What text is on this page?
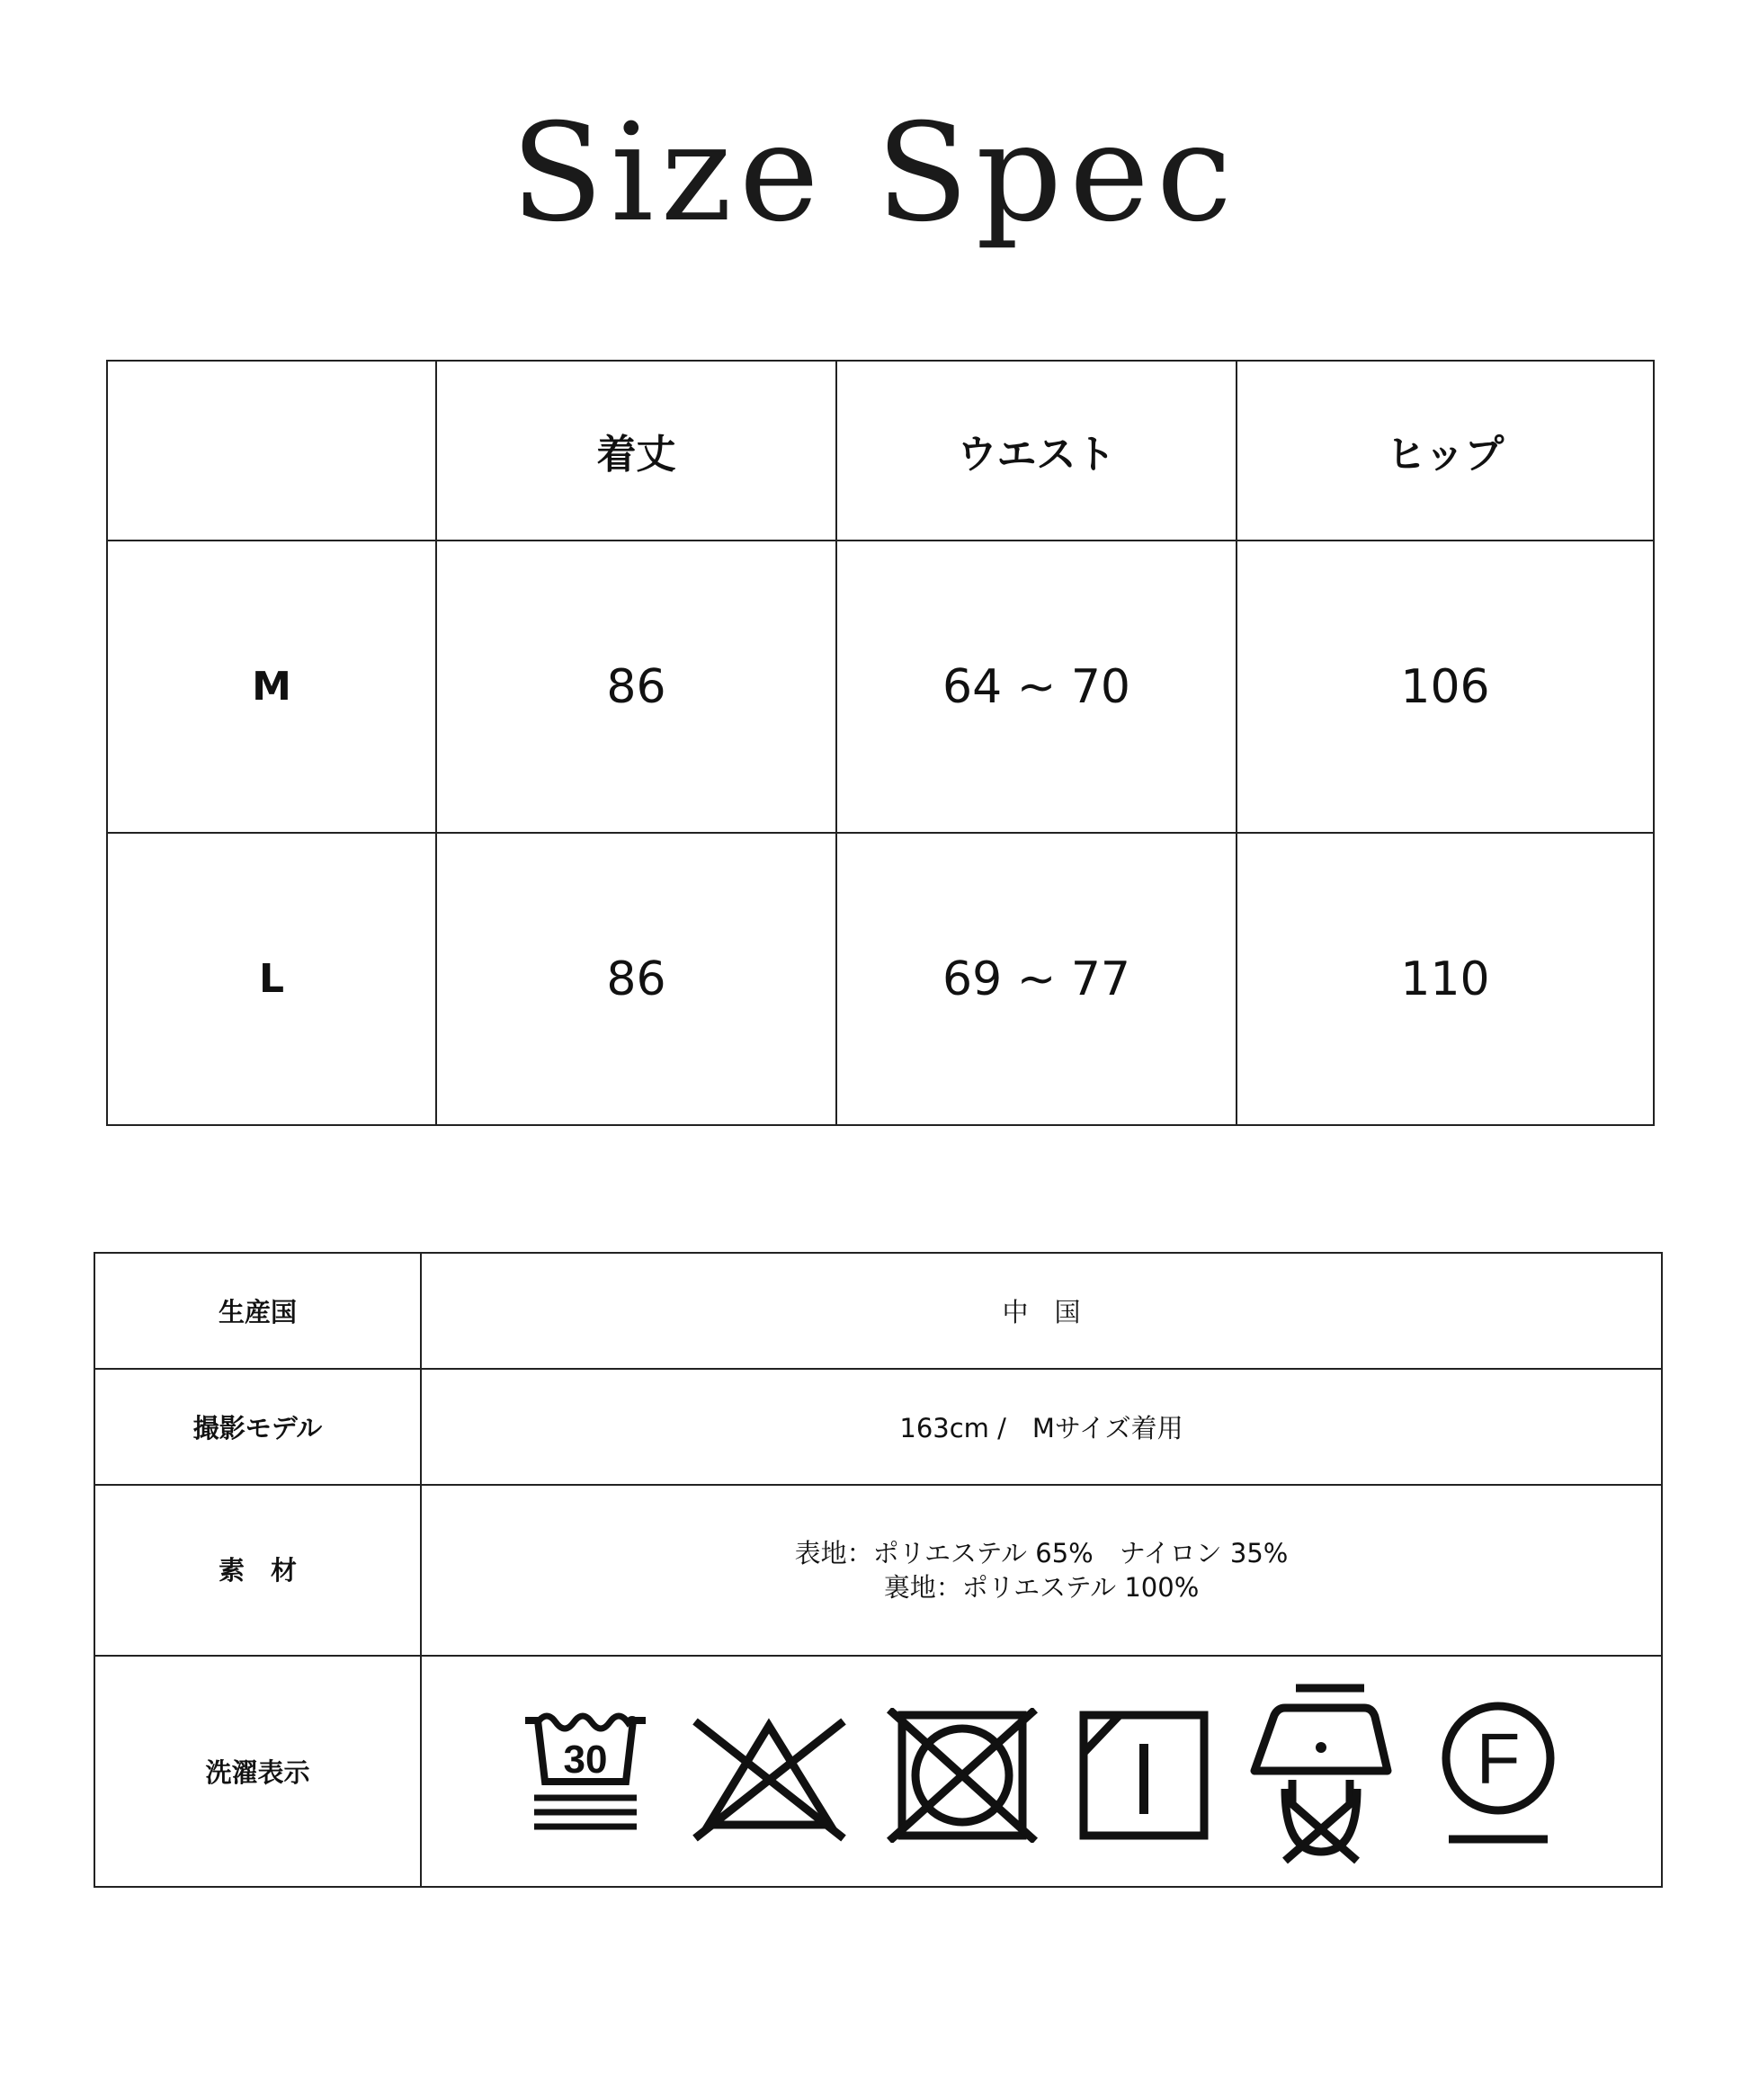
Size Spec
	着丈	ウエスト	ヒップ
M	86	64 ~ 70	106
L	86	69 ~ 77	110
生産国	中　国
撮影モデル	163cm /　Mサイズ着用
素　材	表地：ポリエステル 65%　ナイロン 35%
裏地：ポリエステル 100%

洗濯表示	30 F
